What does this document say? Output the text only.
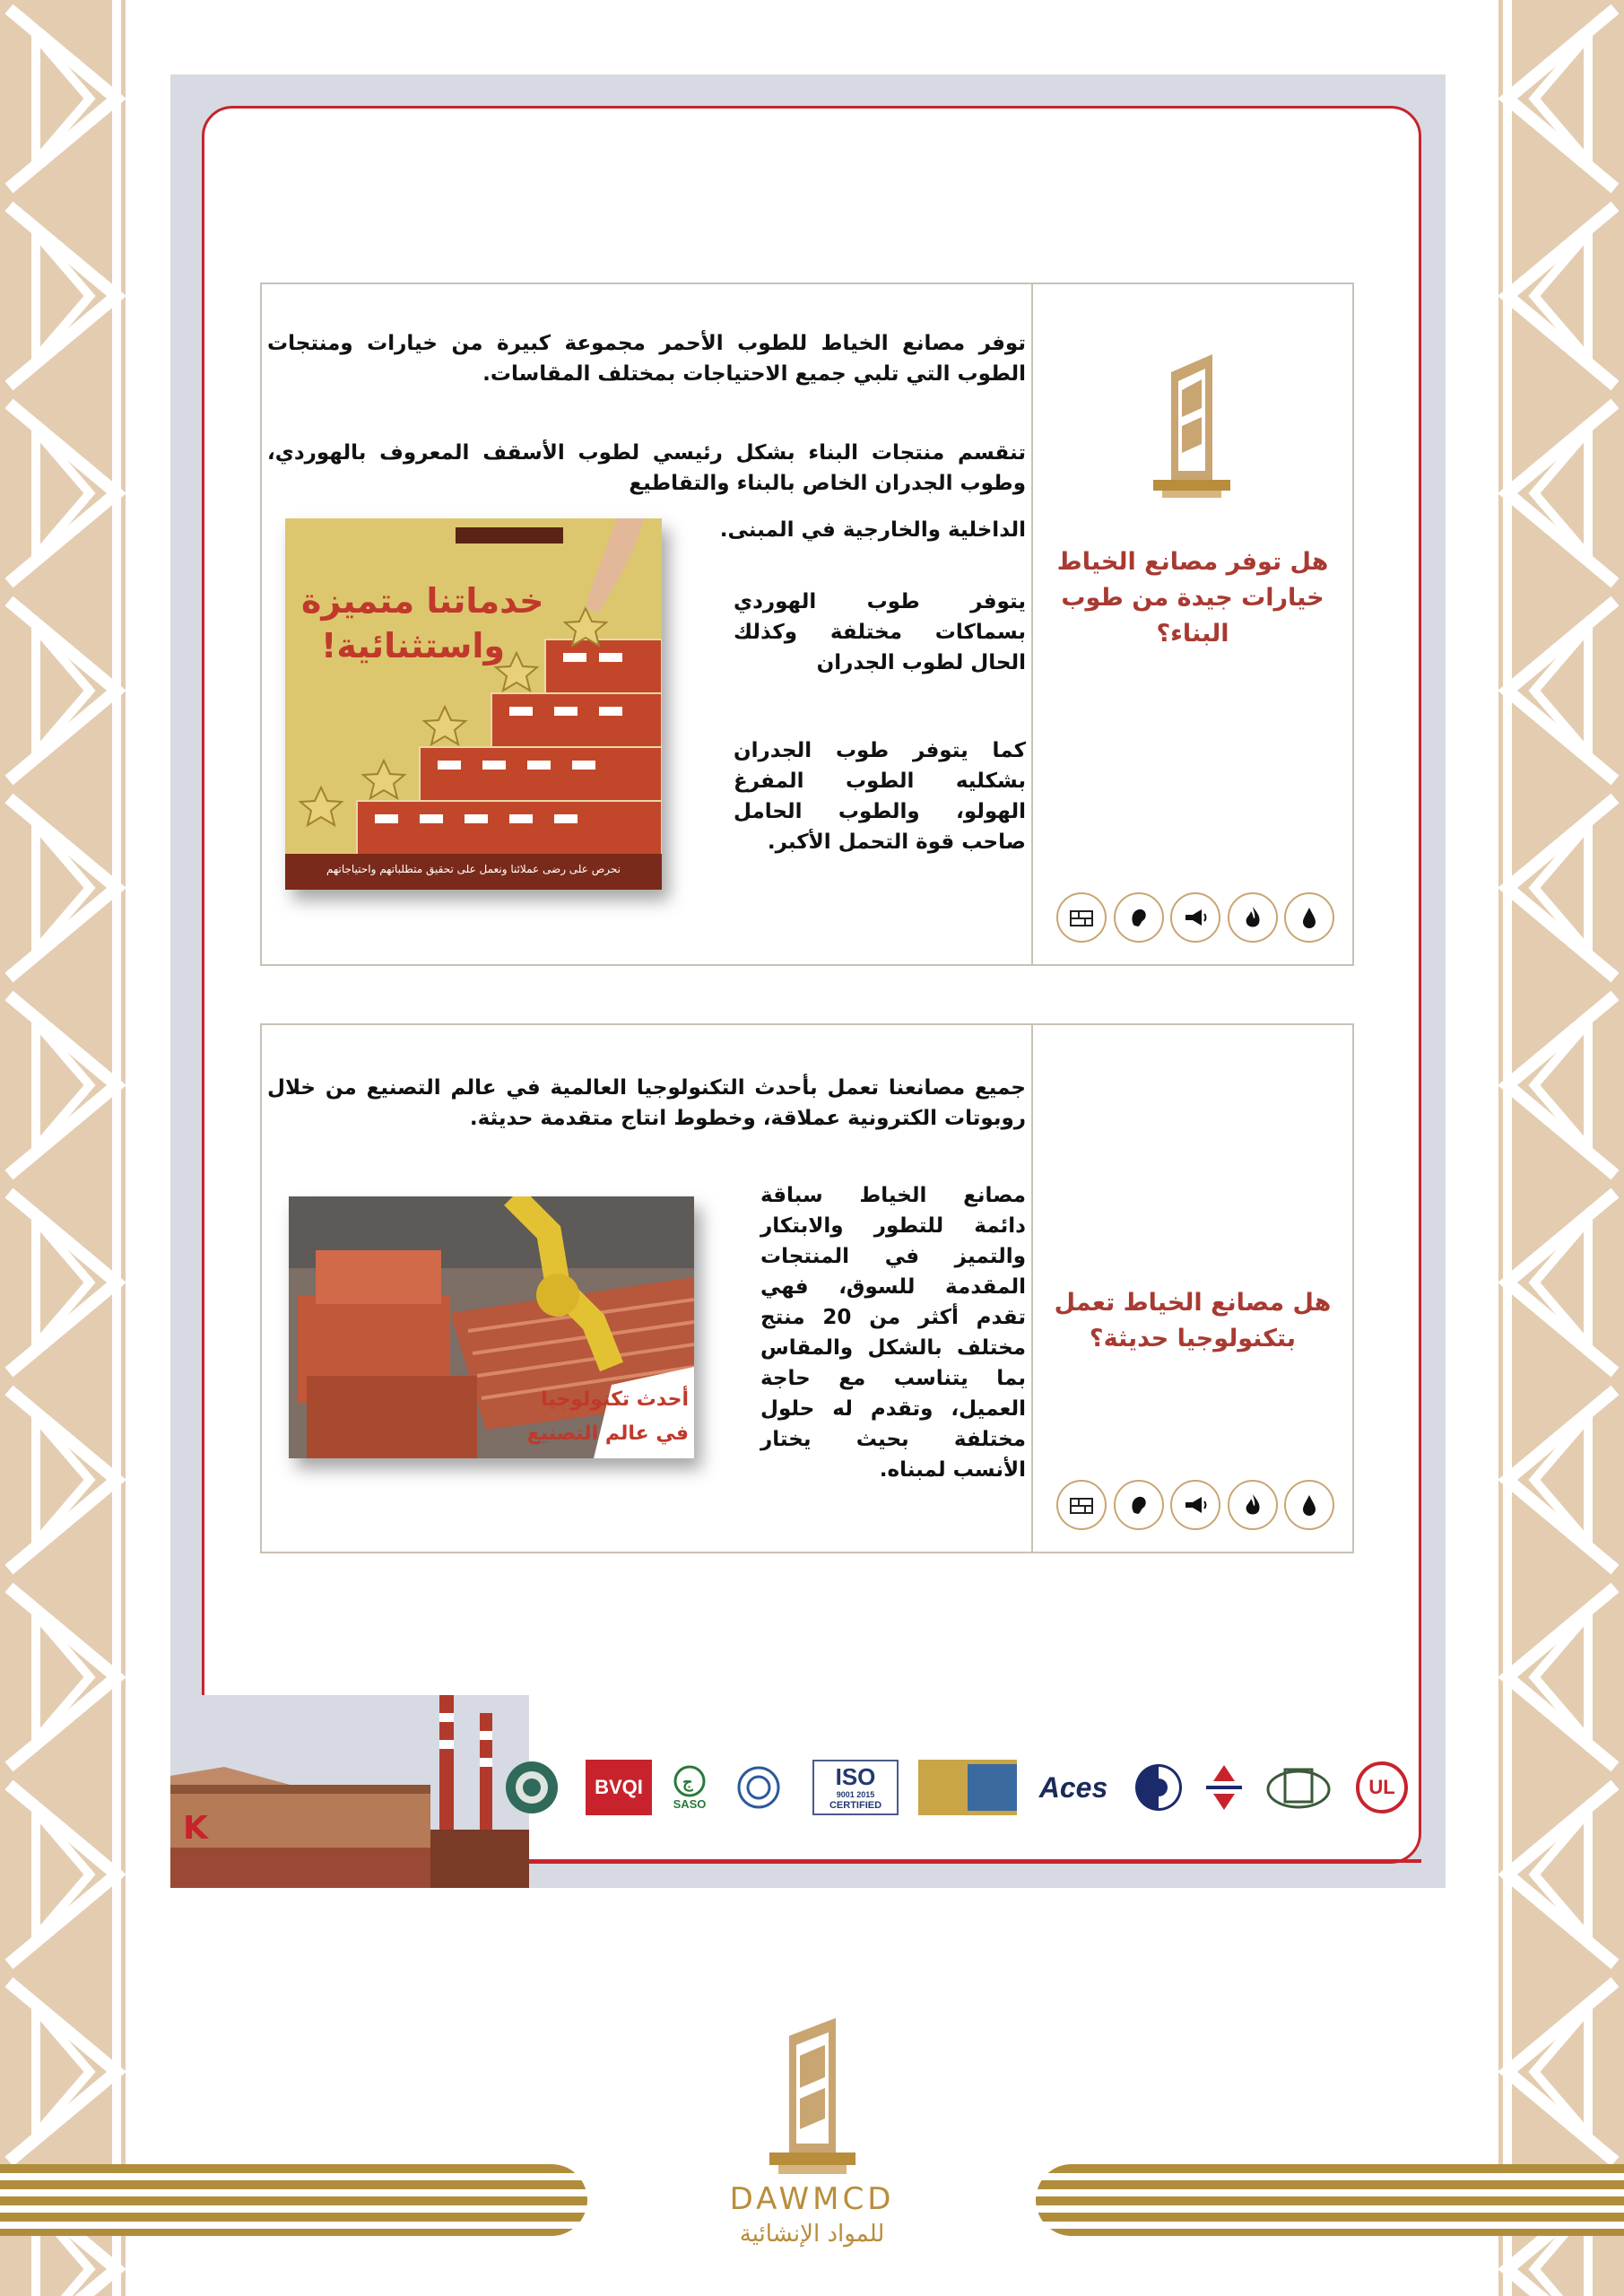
هل توفر مصانع الخياط خيارات جيدة من طوب البناء؟

توفر مصانع الخياط للطوب الأحمر مجموعة كبيرة من خيارات ومنتجات الطوب التي تلبي جميع الاحتياجات بمختلف المقاسات.

تنقسم منتجات البناء بشكل رئيسي لطوب الأسقف المعروف بالهوردي، وطوب الجدران الخاص بالبناء والتقاطيع

الداخلية والخارجية في المبنى.

يتوفر طوب الهوردي بسماكات مختلفة وكذلك الحال لطوب الجدران

كما يتوفر طوب الجدران بشكليه الطوب المفرغ الهولو، والطوب الحامل صاحب قوة التحمل الأكبر.

خدماتنا متميزة
واستثنائية!
نحرص على رضى عملائنا ونعمل على تحقيق متطلباتهم واحتياجاتهم
هل مصانع الخياط تعمل بتكنولوجيا حديثة؟

جميع مصانعنا تعمل بأحدث التكنولوجيا العالمية في عالم التصنيع من خلال روبوتات الكترونية عملاقة، وخطوط انتاج متقدمة حديثة.

مصانع الخياط سباقة دائمة للتطور والابتكار والتميز في المنتجات المقدمة للسوق، فهي تقدم أكثر من 20 منتج مختلف بالشكل والمقاس بما يتناسب مع حاجة العميل، وتقدم له حلول مختلفة بحيث يختار الأنسب لمبناه.

أحدث تكنولوجيا
في عالم التصنيع
K
BVQI ج
SASO
ISO
9001 2015
CERTIFIED
Aces	UL

DAWMCD

للمواد الإنشائية
